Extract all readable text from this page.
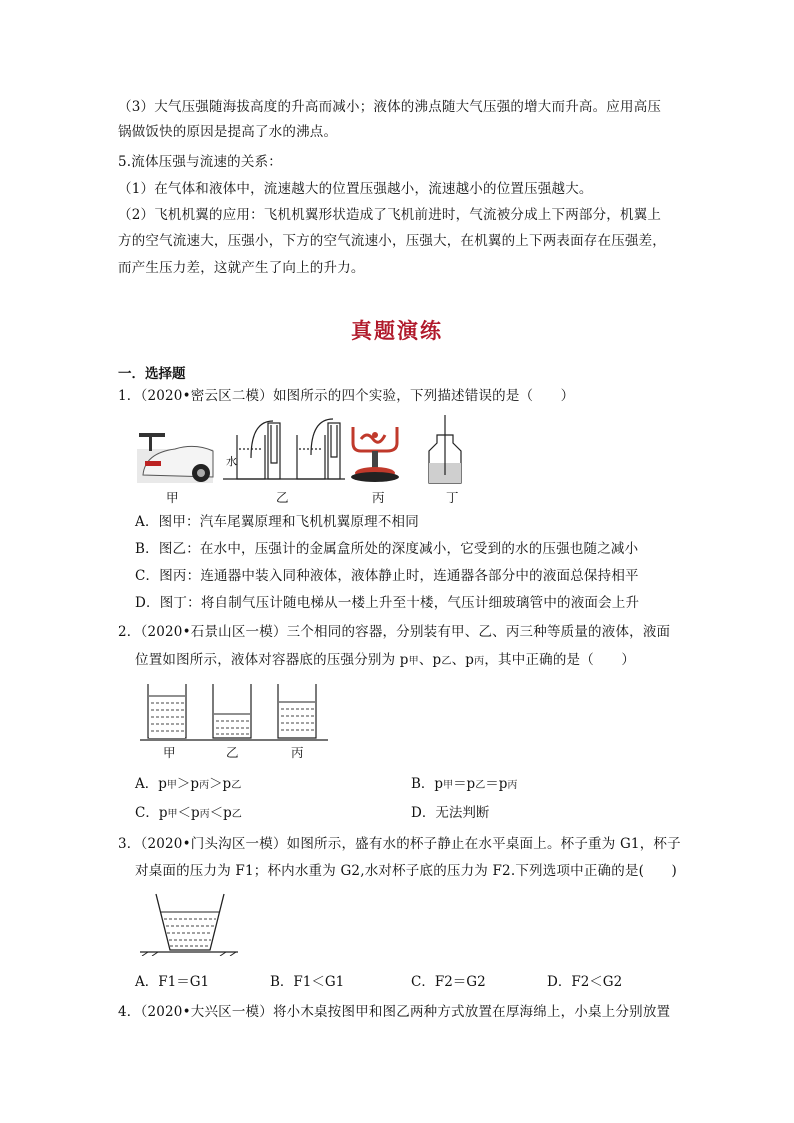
（3）大气压强随海拔高度的升高而减小；液体的沸点随大气压强的增大而升高。应用高压
锅做饭快的原因是提高了水的沸点。
5.流体压强与流速的关系：
（1）在气体和液体中，流速越大的位置压强越小，流速越小的位置压强越大。
（2）飞机机翼的应用：飞机机翼形状造成了飞机前进时，气流被分成上下两部分，机翼上
方的空气流速大，压强小，下方的空气流速小，压强大，在机翼的上下两表面存在压强差，
而产生压力差，这就产生了向上的升力。
真题演练
一．选择题
1．（2020•密云区二模）如图所示的四个实验，下列描述错误的是（　　）
水
甲	乙	丙	丁
A．图甲：汽车尾翼原理和飞机机翼原理不相同
B．图乙：在水中，压强计的金属盒所处的深度减小，它受到的水的压强也随之减小
C．图丙：连通器中装入同种液体，液体静止时，连通器各部分中的液面总保持相平
D．图丁：将自制气压计随电梯从一楼上升至十楼，气压计细玻璃管中的液面会上升
2．（2020•石景山区一模）三个相同的容器，分别装有甲、乙、丙三种等质量的液体，液面
位置如图所示，液体对容器底的压强分别为 p甲、p乙、p丙，其中正确的是（　　）
甲	乙	丙
A．p甲＞p丙＞p乙	B．p甲＝p乙＝p丙
C．p甲＜p丙＜p乙	D．无法判断
3．（2020•门头沟区一模）如图所示，盛有水的杯子静止在水平桌面上。杯子重为 G1，杯子
对桌面的压力为 F1；杯内水重为 G2,水对杯子底的压力为 F2.下列选项中正确的是(　　)
A．F1＝G1	B．F1＜G1	C．F2＝G2	D．F2＜G2
4．（2020•大兴区一模）将小木桌按图甲和图乙两种方式放置在厚海绵上，小桌上分别放置
